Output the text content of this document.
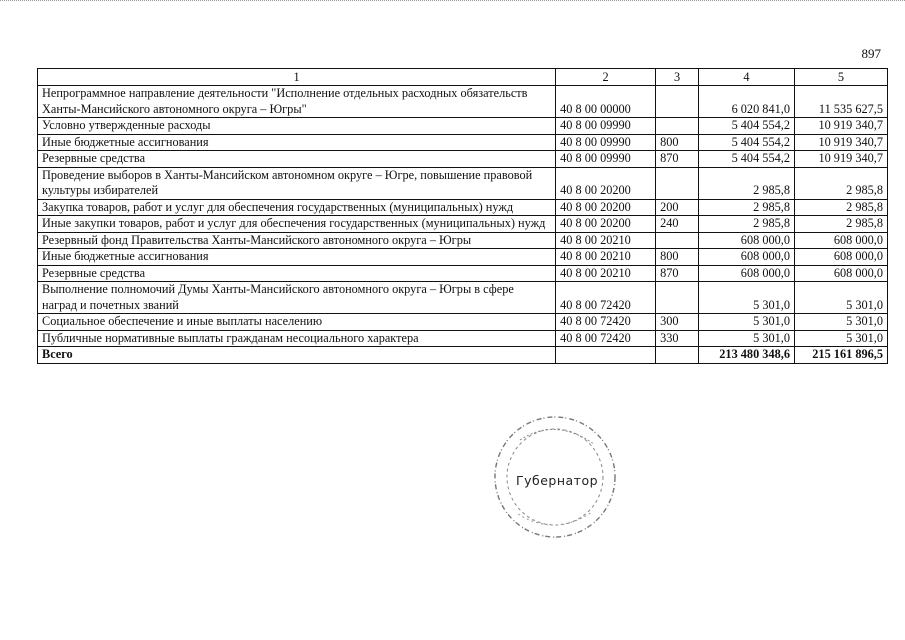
897
1	2	3	4	5
Непрограммное направление деятельности "Исполнение отдельных расходных обязательств Ханты-Мансийского автономного округа – Югры"	40 8 00 00000		6 020 841,0	11 535 627,5
Условно утвержденные расходы	40 8 00 09990		5 404 554,2	10 919 340,7
Иные бюджетные ассигнования	40 8 00 09990	800	5 404 554,2	10 919 340,7
Резервные средства	40 8 00 09990	870	5 404 554,2	10 919 340,7
Проведение выборов в Ханты-Мансийском автономном округе – Югре, повышение правовой культуры избирателей	40 8 00 20200		2 985,8	2 985,8
Закупка товаров, работ и услуг для обеспечения государственных (муниципальных) нужд	40 8 00 20200	200	2 985,8	2 985,8
Иные закупки товаров, работ и услуг для обеспечения государственных (муниципальных) нужд	40 8 00 20200	240	2 985,8	2 985,8
Резервный фонд Правительства Ханты-Мансийского автономного округа – Югры	40 8 00 20210		608 000,0	608 000,0
Иные бюджетные ассигнования	40 8 00 20210	800	608 000,0	608 000,0
Резервные средства	40 8 00 20210	870	608 000,0	608 000,0
Выполнение полномочий Думы Ханты-Мансийского автономного округа – Югры в сфере наград и почетных званий	40 8 00 72420		5 301,0	5 301,0
Социальное обеспечение и иные выплаты населению	40 8 00 72420	300	5 301,0	5 301,0
Публичные нормативные выплаты гражданам несоциального характера	40 8 00 72420	330	5 301,0	5 301,0
Всего			213 480 348,6	215 161 896,5
Губернатор
